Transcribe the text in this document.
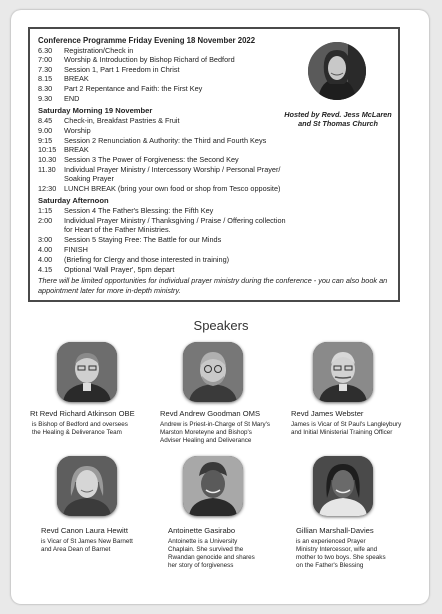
Conference Programme Friday Evening 18 November 2022
6.30 Registration/Check in
7:00 Worship & Introduction by Bishop Richard of Bedford
7.30 Session 1, Part 1 Freedom in Christ
8.15 BREAK
8.30 Part 2 Repentance and Faith: the First Key
9.30 END
Hosted by Revd. Jess McLaren
and St Thomas Church
Saturday Morning 19 November
8.45 Check-in, Breakfast Pastries & Fruit
9.00 Worship
9:15 Session 2 Renunciation & Authority: the Third and Fourth Keys
10:15 BREAK
10.30 Session 3 The Power of Forgiveness: the Second Key
11.30 Individual Prayer Ministry / Intercessory Worship / Personal Prayer/
Soaking Prayer
12:30 LUNCH BREAK (bring your own food or shop from Tesco opposite)
Saturday Afternoon
1:15 Session 4 The Father's Blessing: the Fifth Key
2:00 Individual Prayer Ministry / Thanksgiving / Praise / Offering collection
for Heart of the Father Ministries.
3:00 Session 5 Staying Free: The Battle for our Minds
4.00 FINISH
4.00 (Briefing for Clergy and those interested in training)
4.15 Optional 'Wall Prayer', 5pm depart
There will be limited opportunities for individual prayer ministry during the conference - you can also book an appointment later for more in-depth ministry.
Speakers
Rt Revd Richard Atkinson OBE
is Bishop of Bedford and oversees
the Healing & Deliverance Team
Revd Andrew Goodman OMS
Andrew is Priest-in-Charge of St Mary's
Marston Moreteyne and Bishop's
Adviser Healing and Deliverance
Revd James Webster
James is Vicar of St Paul's Langleybury
and Initial Ministerial Training Officer
Revd Canon Laura Hewitt
is Vicar of St James New Barnett
and Area Dean of Barnet
Antoinette Gasirabo
Antoinette is a University
Chaplain. She survived the
Rwandan genocide and shares
her story of forgiveness
Gillian Marshall-Davies
is an experienced Prayer
Ministry Intercessor, wife and
mother to two boys. She speaks
on the Father's Blessing
